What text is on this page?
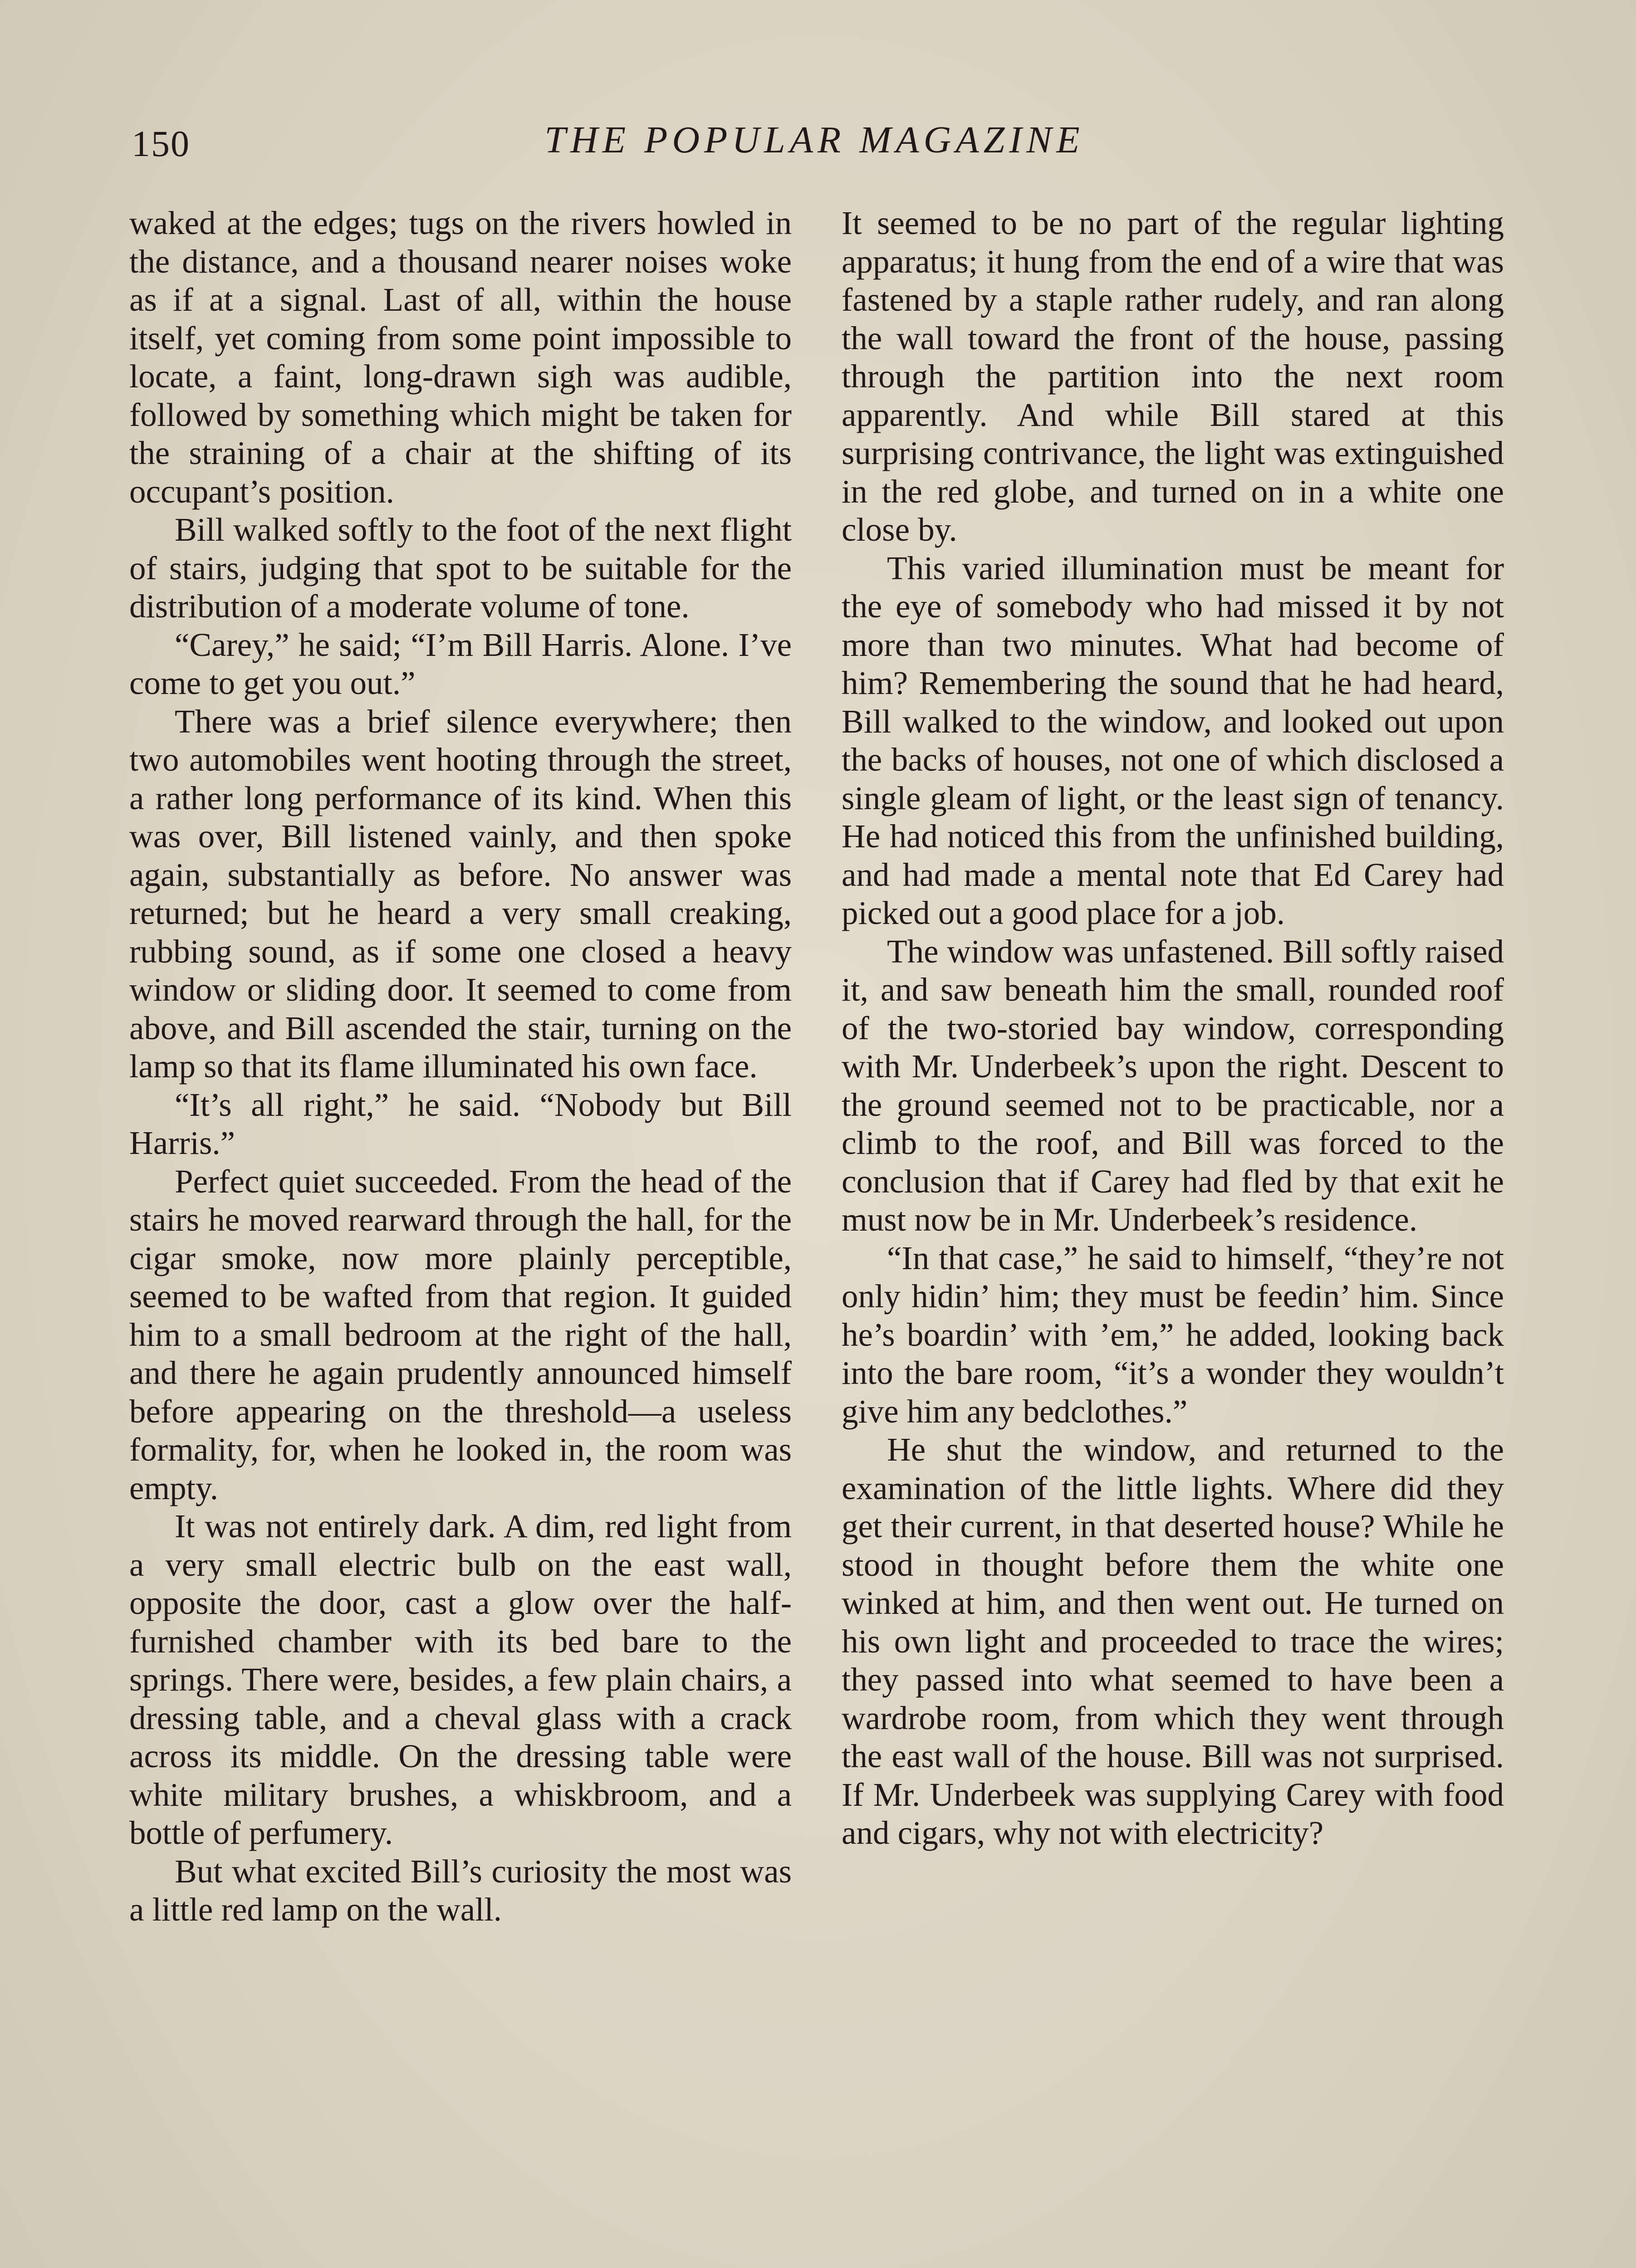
150	THE POPULAR MAGAZINE

waked at the edges; tugs on the rivers howled in the distance, and a thousand nearer noises woke as if at a signal. Last of all, within the house itself, yet coming from some point impossible to locate, a faint, long-drawn sigh was audible, followed by something which might be taken for the straining of a chair at the shifting of its occupant’s position.

Bill walked softly to the foot of the next flight of stairs, judging that spot to be suitable for the distribution of a moderate volume of tone.

“Carey,” he said; “I’m Bill Harris. Alone. I’ve come to get you out.”

There was a brief silence everywhere; then two automobiles went hooting through the street, a rather long performance of its kind. When this was over, Bill listened vainly, and then spoke again, substantially as before. No answer was returned; but he heard a very small creaking, rubbing sound, as if some one closed a heavy window or sliding door. It seemed to come from above, and Bill ascended the stair, turning on the lamp so that its flame illuminated his own face.

“It’s all right,” he said. “Nobody but Bill Harris.”

Perfect quiet succeeded. From the head of the stairs he moved rearward through the hall, for the cigar smoke, now more plainly perceptible, seemed to be wafted from that region. It guided him to a small bedroom at the right of the hall, and there he again prudently announced himself before appearing on the threshold—a useless formality, for, when he looked in, the room was empty.

It was not entirely dark. A dim, red light from a very small electric bulb on the east wall, opposite the door, cast a glow over the half-furnished chamber with its bed bare to the springs. There were, besides, a few plain chairs, a dressing table, and a cheval glass with a crack across its middle. On the dressing table were white military brushes, a whiskbroom, and a bottle of perfumery.

But what excited Bill’s curiosity the most was a little red lamp on the wall.

It seemed to be no part of the regular lighting apparatus; it hung from the end of a wire that was fastened by a staple rather rudely, and ran along the wall toward the front of the house, passing through the partition into the next room apparently. And while Bill stared at this surprising contrivance, the light was extinguished in the red globe, and turned on in a white one close by.

This varied illumination must be meant for the eye of somebody who had missed it by not more than two minutes. What had become of him? Remembering the sound that he had heard, Bill walked to the window, and looked out upon the backs of houses, not one of which disclosed a single gleam of light, or the least sign of tenancy. He had noticed this from the unfinished building, and had made a mental note that Ed Carey had picked out a good place for a job.

The window was unfastened. Bill softly raised it, and saw beneath him the small, rounded roof of the two-storied bay window, corresponding with Mr. Underbeek’s upon the right. Descent to the ground seemed not to be practicable, nor a climb to the roof, and Bill was forced to the conclusion that if Carey had fled by that exit he must now be in Mr. Underbeek’s residence.

“In that case,” he said to himself, “they’re not only hidin’ him; they must be feedin’ him. Since he’s boardin’ with ’em,” he added, looking back into the bare room, “it’s a wonder they wouldn’t give him any bedclothes.”

He shut the window, and returned to the examination of the little lights. Where did they get their current, in that deserted house? While he stood in thought before them the white one winked at him, and then went out. He turned on his own light and proceeded to trace the wires; they passed into what seemed to have been a wardrobe room, from which they went through the east wall of the house. Bill was not surprised. If Mr. Underbeek was supplying Carey with food and cigars, why not with electricity?
